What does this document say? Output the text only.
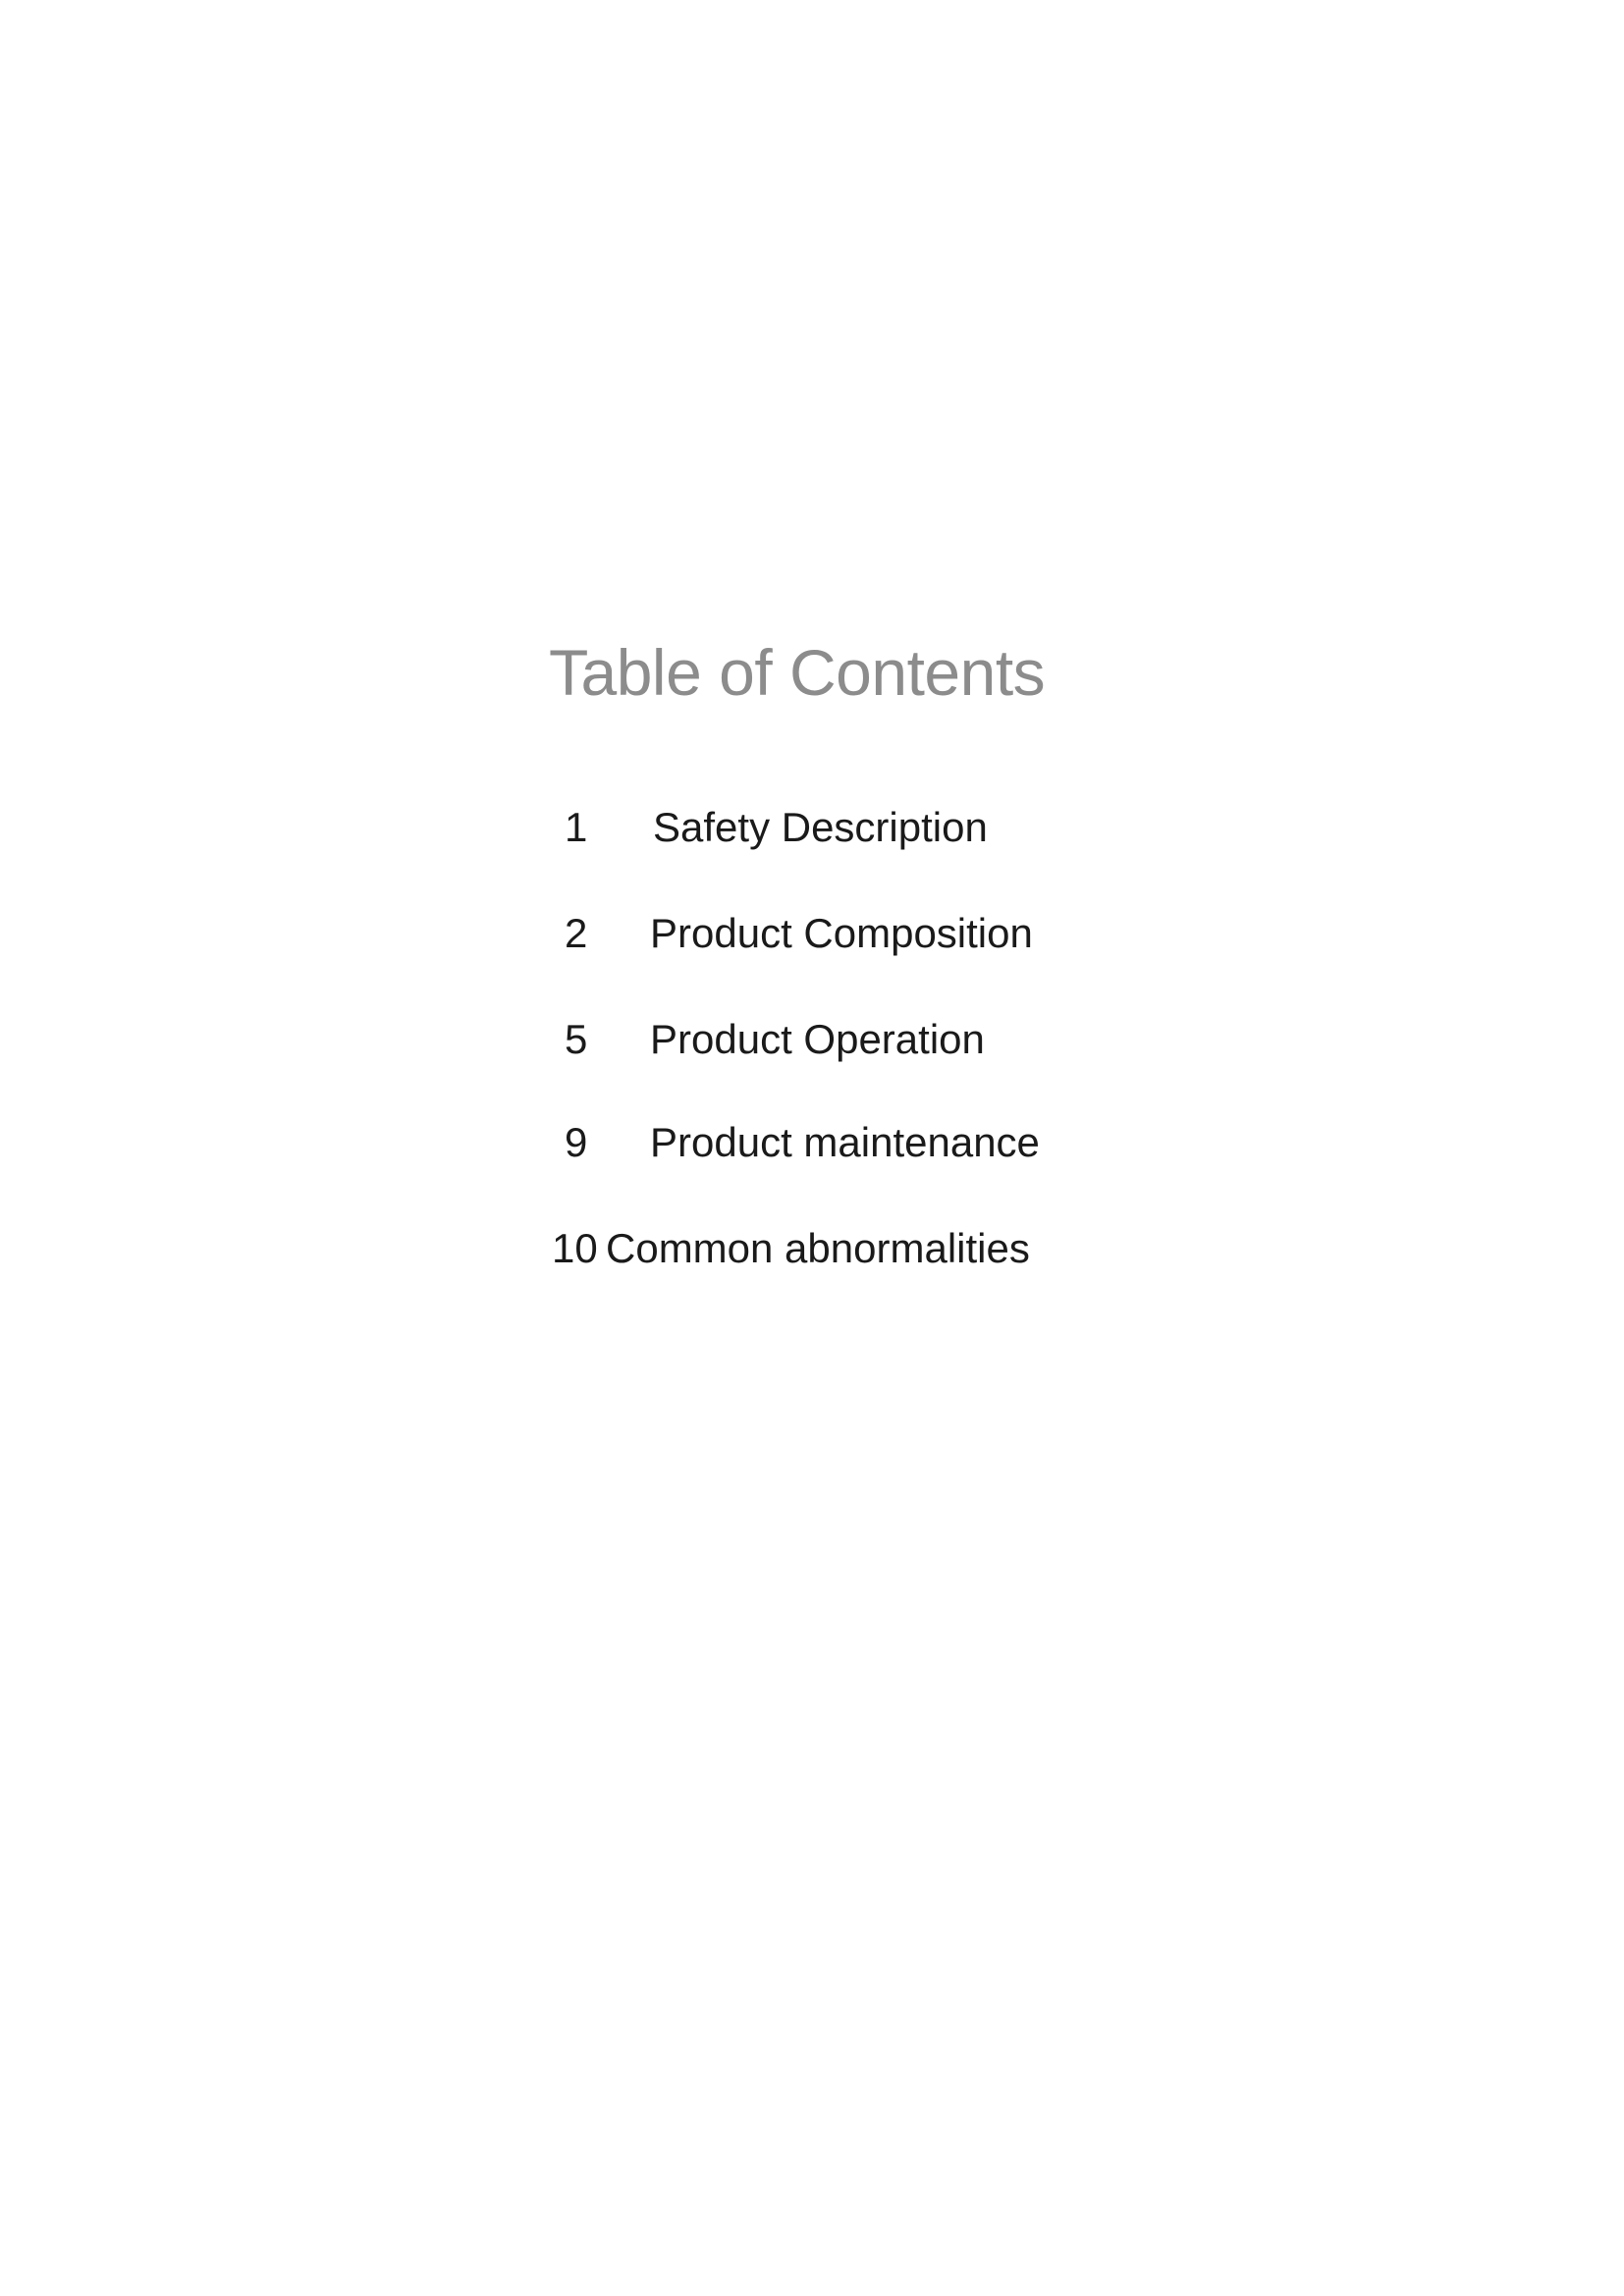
Table of Contents
1 Safety Description
2 Product Composition
5 Product Operation
9 Product maintenance
10 Common abnormalities
